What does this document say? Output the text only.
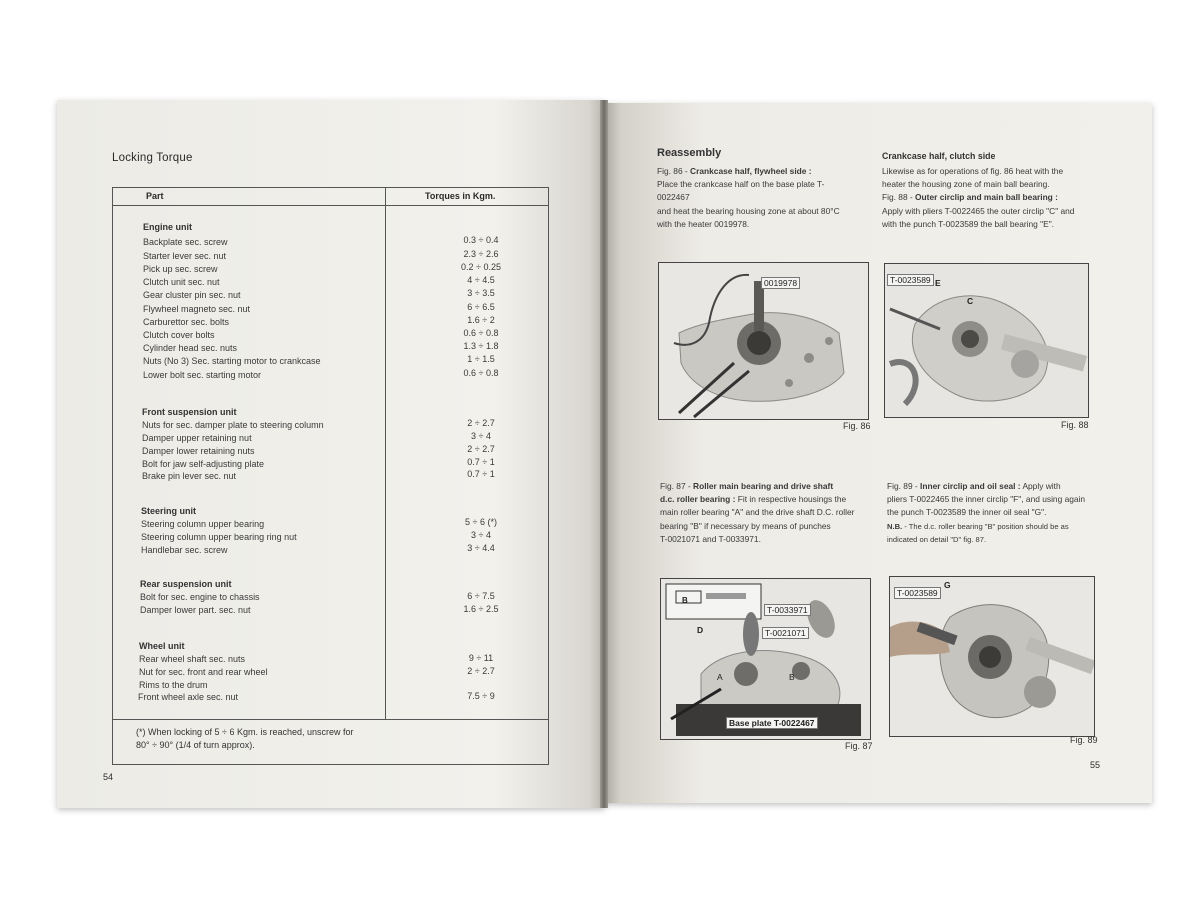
Locking Torque
Part	Torques in Kgm.
Engine unit
Backplate sec. screw	0.3 ÷ 0.4
Starter lever sec. nut	2.3 ÷ 2.6
Pick up sec. screw	0.2 ÷ 0.25
Clutch unit sec. nut	4 ÷ 4.5
Gear cluster pin sec. nut	3 ÷ 3.5
Flywheel magneto sec. nut	6 ÷ 6.5
Carburettor sec. bolts	1.6 ÷ 2
Clutch cover bolts	0.6 ÷ 0.8
Cylinder head sec. nuts	1.3 ÷ 1.8
Nuts (No 3) Sec. starting motor to crankcase	1 ÷ 1.5
Lower bolt sec. starting motor	0.6 ÷ 0.8
Front suspension unit
Nuts for sec. damper plate to steering column	2 ÷ 2.7
Damper upper retaining nut	3 ÷ 4
Damper lower retaining nuts	2 ÷ 2.7
Bolt for jaw self-adjusting plate	0.7 ÷ 1
Brake pin lever sec. nut	0.7 ÷ 1
Steering unit
Steering column upper bearing	5 ÷ 6 (*)
Steering column upper bearing ring nut	3 ÷ 4
Handlebar sec. screw	3 ÷ 4.4
Rear suspension unit
Bolt for sec. engine to chassis	6 ÷ 7.5
Damper lower part. sec. nut	1.6 ÷ 2.5
Wheel unit
Rear wheel shaft sec. nuts	9 ÷ 11
Nut for sec. front and rear wheel	2 ÷ 2.7
Rims to the drum
Front wheel axle sec. nut	7.5 ÷ 9
(*) When locking of 5 ÷ 6 Kgm. is reached, unscrew for
80° ÷ 90° (1/4 of turn approx).
54
Reassembly
Fig. 86 - Crankcase half, flywheel side :
Place the crankcase half on the base plate T-0022467
and heat the bearing housing zone at about 80°C
with the heater 0019978.
Crankcase half, clutch side
Likewise as for operations of fig. 86 heat with the
heater the housing zone of main ball bearing.
Fig. 88 - Outer circlip and main ball bearing :
Apply with pliers T-0022465 the outer circlip "C" and
with the punch T-0023589 the ball bearing "E".
0019978
Fig. 86
T-0023589 E
C
Fig. 88
Fig. 87 - Roller main bearing and drive shaft
d.c. roller bearing : Fit in respective housings the
main roller bearing "A" and the drive shaft D.C. roller
bearing "B" if necessary by means of punches
T-0021071 and T-0033971.
Fig. 89 - Inner circlip and oil seal : Apply with
pliers T-0022465 the inner circlip "F", and using again
the punch T-0023589 the inner oil seal "G".
N.B. - The d.c. roller bearing "B" position should be as
indicated on detail "D" fig. 87.
B
D
T-0033971
T-0021071
A	B
Base plate T-0022467
Fig. 87
T-0023589
G
Fig. 89
55
